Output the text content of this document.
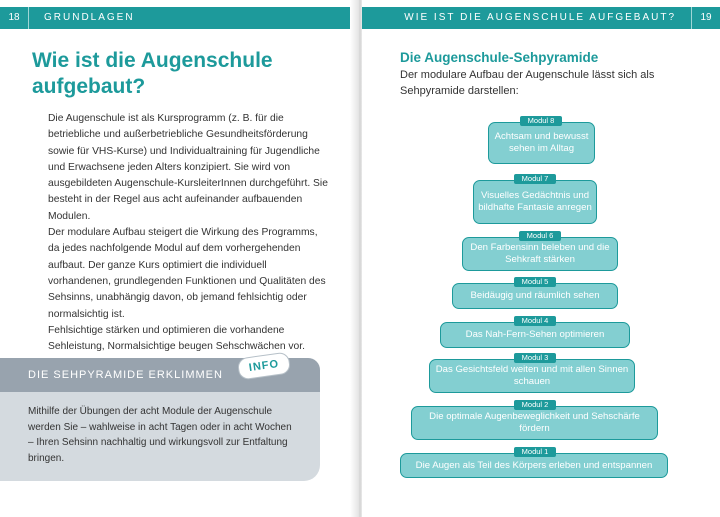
18	GRUNDLAGEN
Wie ist die Augenschule
aufgebaut?

Die Augenschule ist als Kursprogramm (z. B. für die betriebliche und außerbetriebliche Gesundheitsförderung sowie für VHS-Kurse) und Individualtraining für Jugendliche und Erwachsene jeden Alters konzipiert. Sie wird von ausgebildeten Augenschule-KursleiterInnen durchgeführt. Sie besteht in der Regel aus acht aufeinander aufbauenden Modulen.

Der modulare Aufbau steigert die Wirkung des Programms, da jedes nachfolgende Modul auf dem vorhergehenden aufbaut. Der ganze Kurs optimiert die individuell vorhandenen, grundlegenden Funktionen und Qualitäten des Sehsinns, unabhängig davon, ob jemand fehlsichtig oder normalsichtig ist.

Fehlsichtige stärken und optimieren die vorhandene Sehleistung, Normalsichtige beugen Sehschwächen vor.

DIE SEHPYRAMIDE ERKLIMMEN
Mithilfe der Übungen der acht Module der Augenschule werden Sie – wahlweise in acht Tagen oder in acht Wochen – Ihren Sehsinn nachhaltig und wirkungsvoll zur Entfaltung bringen.
INFO
WIE IST DIE AUGENSCHULE AUFGEBAUT?	19
Die Augenschule-Sehpyramide
Der modulare Aufbau der Augenschule lässt sich als Sehpyramide darstellen:
Achtsam und bewusst sehen im Alltag
Modul 8
Visuelles Gedächtnis und bildhafte Fantasie anregen
Modul 7
Den Farbensinn beleben und die Sehkraft stärken
Modul 6
Beidäugig und räumlich sehen
Modul 5
Das Nah-Fern-Sehen optimieren
Modul 4
Das Gesichtsfeld weiten und mit allen Sinnen schauen
Modul 3
Die optimale Augenbeweglichkeit und Sehschärfe fördern
Modul 2
Die Augen als Teil des Körpers erleben und entspannen
Modul 1
